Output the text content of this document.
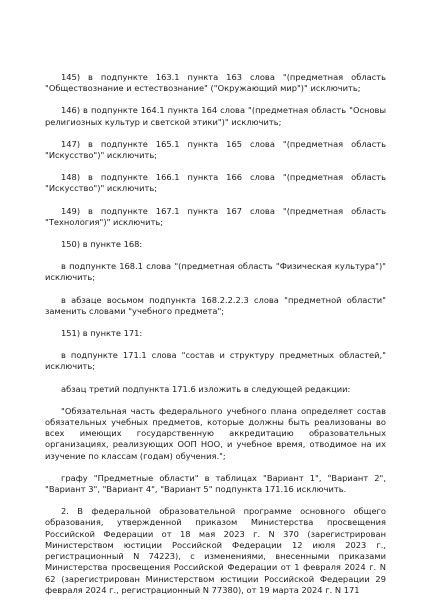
145) в подпункте 163.1 пункта 163 слова "(предметная область "Обществознание и естествознание" ("Окружающий мир")" исключить;

146) в подпункте 164.1 пункта 164 слова "(предметная область "Основы религиозных культур и светской этики")" исключить;

147) в подпункте 165.1 пункта 165 слова "(предметная область "Искусство")" исключить;

148) в подпункте 166.1 пункта 166 слова "(предметная область "Искусство")" исключить;

149) в подпункте 167.1 пункта 167 слова "(предметная область "Технология")" исключить;

150) в пункте 168:

в подпункте 168.1 слова "(предметная область "Физическая культура")" исключить;

в абзаце восьмом подпункта 168.2.2.2.3 слова "предметной области" заменить словами "учебного предмета";

151) в пункте 171:

в подпункте 171.1 слова "состав и структуру предметных областей," исключить;

абзац третий подпункта 171.6 изложить в следующей редакции:

"Обязательная часть федерального учебного плана определяет состав обязательных учебных предметов, которые должны быть реализованы во всех имеющих государственную аккредитацию образовательных организациях, реализующих ООП НОО, и учебное время, отводимое на их изучение по классам (годам) обучения.";

графу "Предметные области" в таблицах "Вариант 1", "Вариант 2", "Вариант 3", "Вариант 4", "Вариант 5" подпункта 171.16 исключить.

2. В федеральной образовательной программе основного общего образования, утвержденной приказом Министерства просвещения Российской Федерации от 18 мая 2023 г. N 370 (зарегистрирован Министерством юстиции Российской Федерации 12 июля 2023 г., регистрационный N 74223), с изменениями, внесенными приказами Министерства просвещения Российской Федерации от 1 февраля 2024 г. N 62 (зарегистрирован Министерством юстиции Российской Федерации 29 февраля 2024 г., регистрационный N 77380), от 19 марта 2024 г. N 171
